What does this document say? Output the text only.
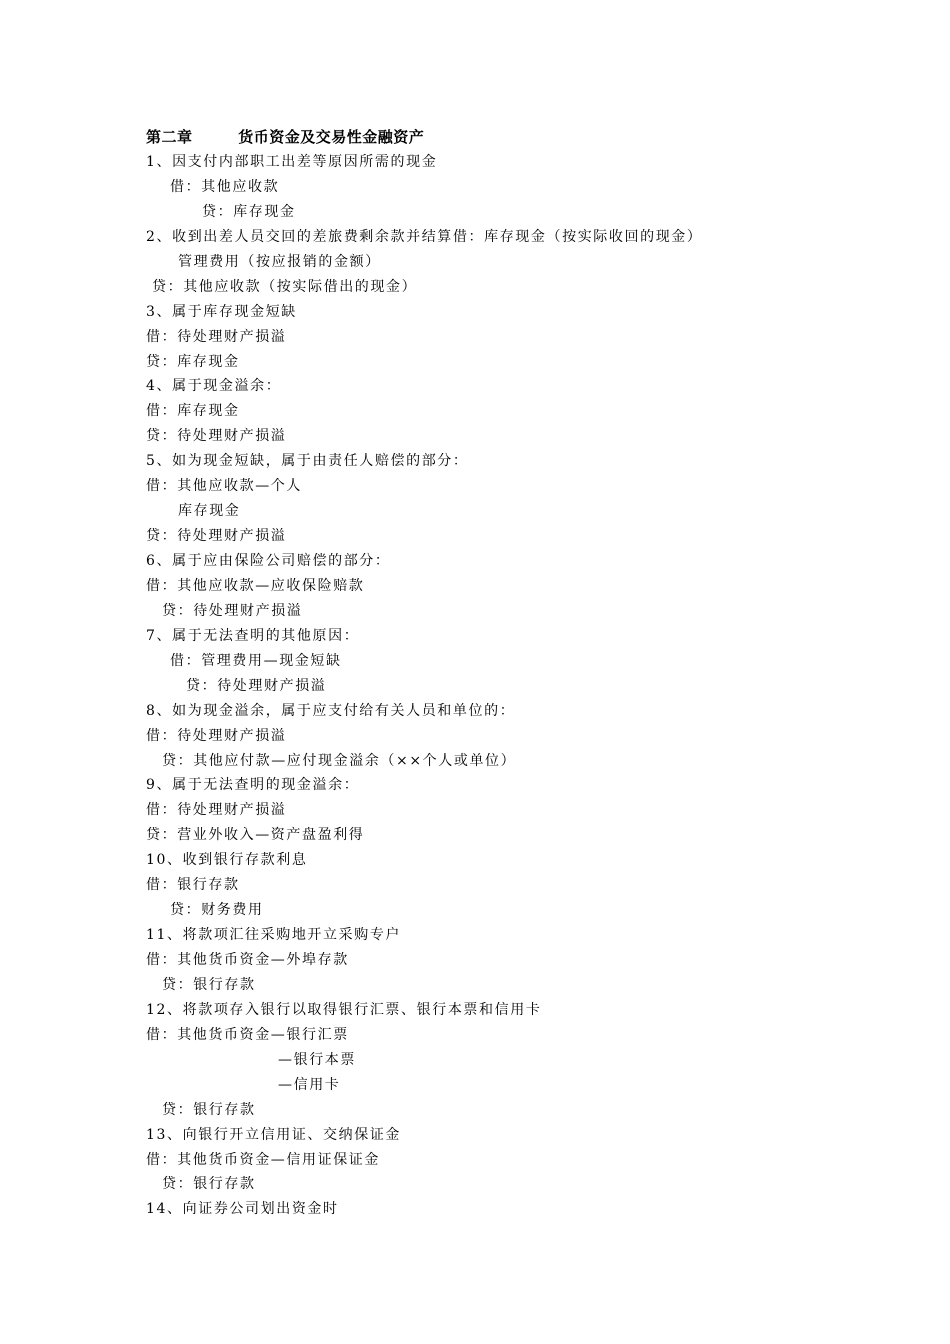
第二章        货币资金及交易性金融资产
1、因支付内部职工出差等原因所需的现金
借：其他应收款
贷：库存现金
2、收到出差人员交回的差旅费剩余款并结算借：库存现金（按实际收回的现金）
管理费用（按应报销的金额）
贷：其他应收款（按实际借出的现金）
3、属于库存现金短缺
借：待处理财产损溢
贷：库存现金
4、属于现金溢余：
借：库存现金
贷：待处理财产损溢
5、如为现金短缺，属于由责任人赔偿的部分：
借：其他应收款—个人
库存现金
贷：待处理财产损溢
6、属于应由保险公司赔偿的部分：
借：其他应收款—应收保险赔款
贷：待处理财产损溢
7、属于无法查明的其他原因：
借：管理费用—现金短缺
贷：待处理财产损溢
8、如为现金溢余，属于应支付给有关人员和单位的：
借：待处理财产损溢
贷：其他应付款—应付现金溢余（××个人或单位）
9、属于无法查明的现金溢余：
借：待处理财产损溢
贷：营业外收入—资产盘盈利得
10、收到银行存款利息
借：银行存款
贷：财务费用
11、将款项汇往采购地开立采购专户
借：其他货币资金—外埠存款
贷：银行存款
12、将款项存入银行以取得银行汇票、银行本票和信用卡
借：其他货币资金—银行汇票
—银行本票
—信用卡
贷：银行存款
13、向银行开立信用证、交纳保证金
借：其他货币资金—信用证保证金
贷：银行存款
14、向证券公司划出资金时
